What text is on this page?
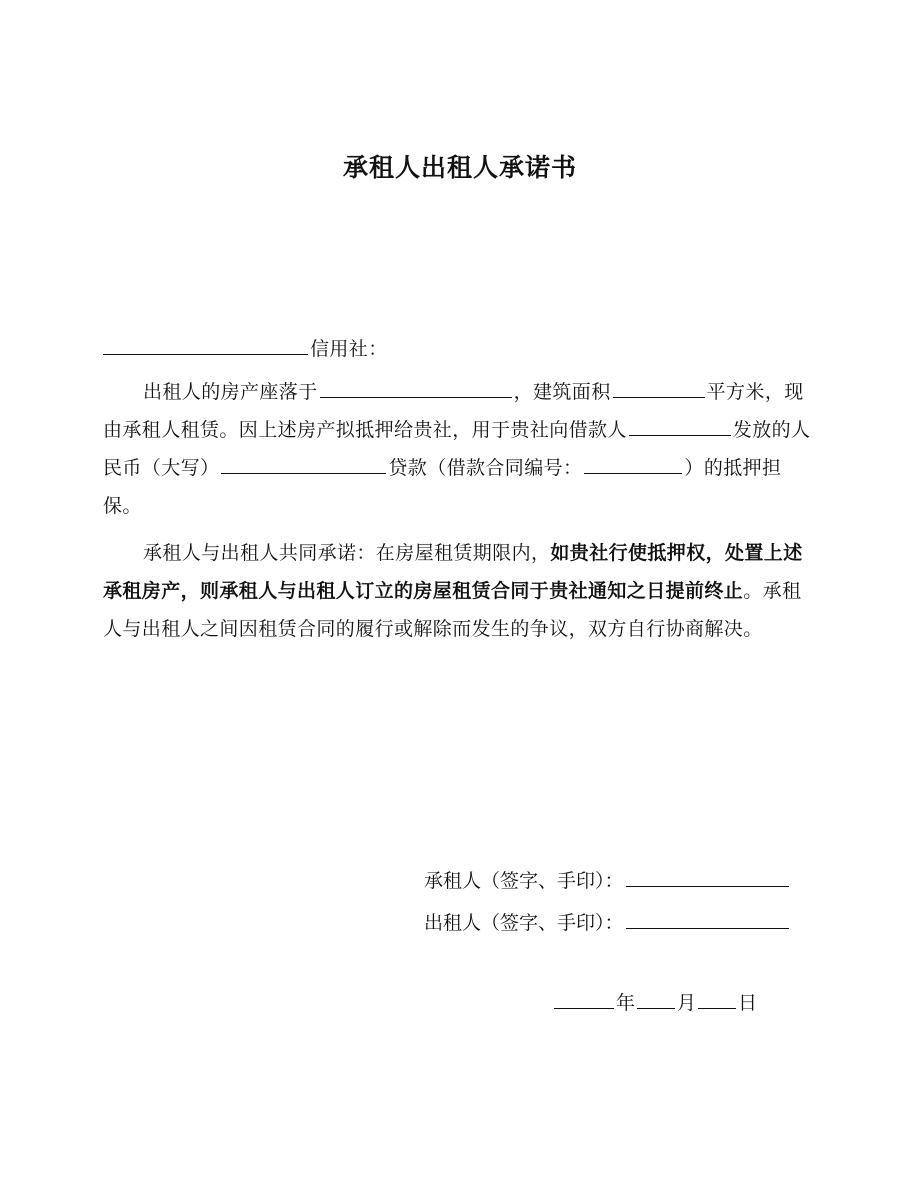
承租人出租人承诺书
信用社：
出租人的房产座落于	，建筑面积	平方米，现由承租人租赁。因上述房产拟抵押给贵社，用于贵社向借款人	发放的人民币（大写）	贷款（借款合同编号：	）的抵押担保。
承租人与出租人共同承诺：在房屋租赁期限内，如贵社行使抵押权，处置上述承租房产，则承租人与出租人订立的房屋租赁合同于贵社通知之日提前终止。承租人与出租人之间因租赁合同的履行或解除而发生的争议，双方自行协商解决。
承租人（签字、手印）：
出租人（签字、手印）：
年 月 日
